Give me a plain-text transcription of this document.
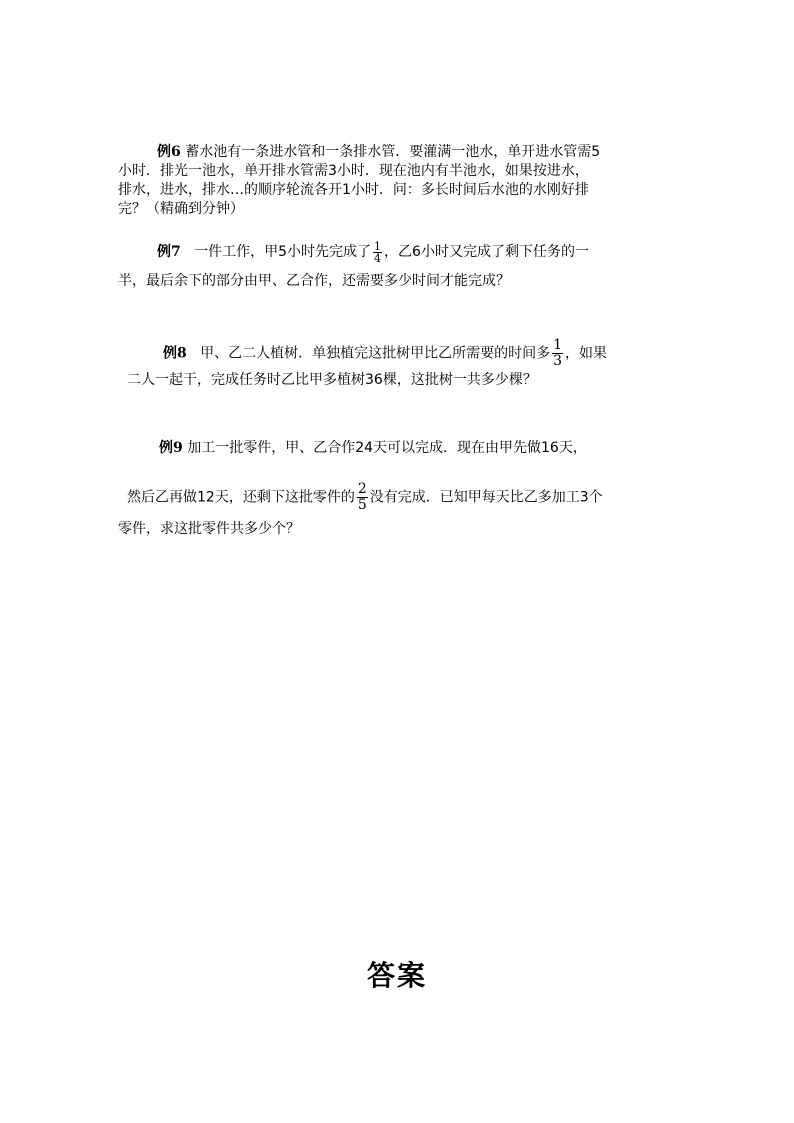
例6 蓄水池有一条进水管和一条排水管．要灌满一池水，单开进水管需5

小时．排光一池水，单开排水管需3小时．现在池内有半池水，如果按进水，

排水，进水，排水…的顺序轮流各开1小时．问：多长时间后水池的水刚好排

完？（精确到分钟）

例7 一件工作，甲5小时先完成了 $\frac{1}{4}$ ，乙6小时又完成了剩下任务的一

半，最后余下的部分由甲、乙合作，还需要多少时间才能完成？

例8 甲、乙二人植树．单独植完这批树甲比乙所需要的时间多 $\frac{1}{3}$ ，如果

二人一起干，完成任务时乙比甲多植树36棵，这批树一共多少棵？

例9 加工一批零件，甲、乙合作24天可以完成．现在由甲先做16天，

然后乙再做12天，还剩下这批零件的 $\frac{2}{5}$ 没有完成．已知甲每天比乙多加工3个

零件，求这批零件共多少个？

答案
